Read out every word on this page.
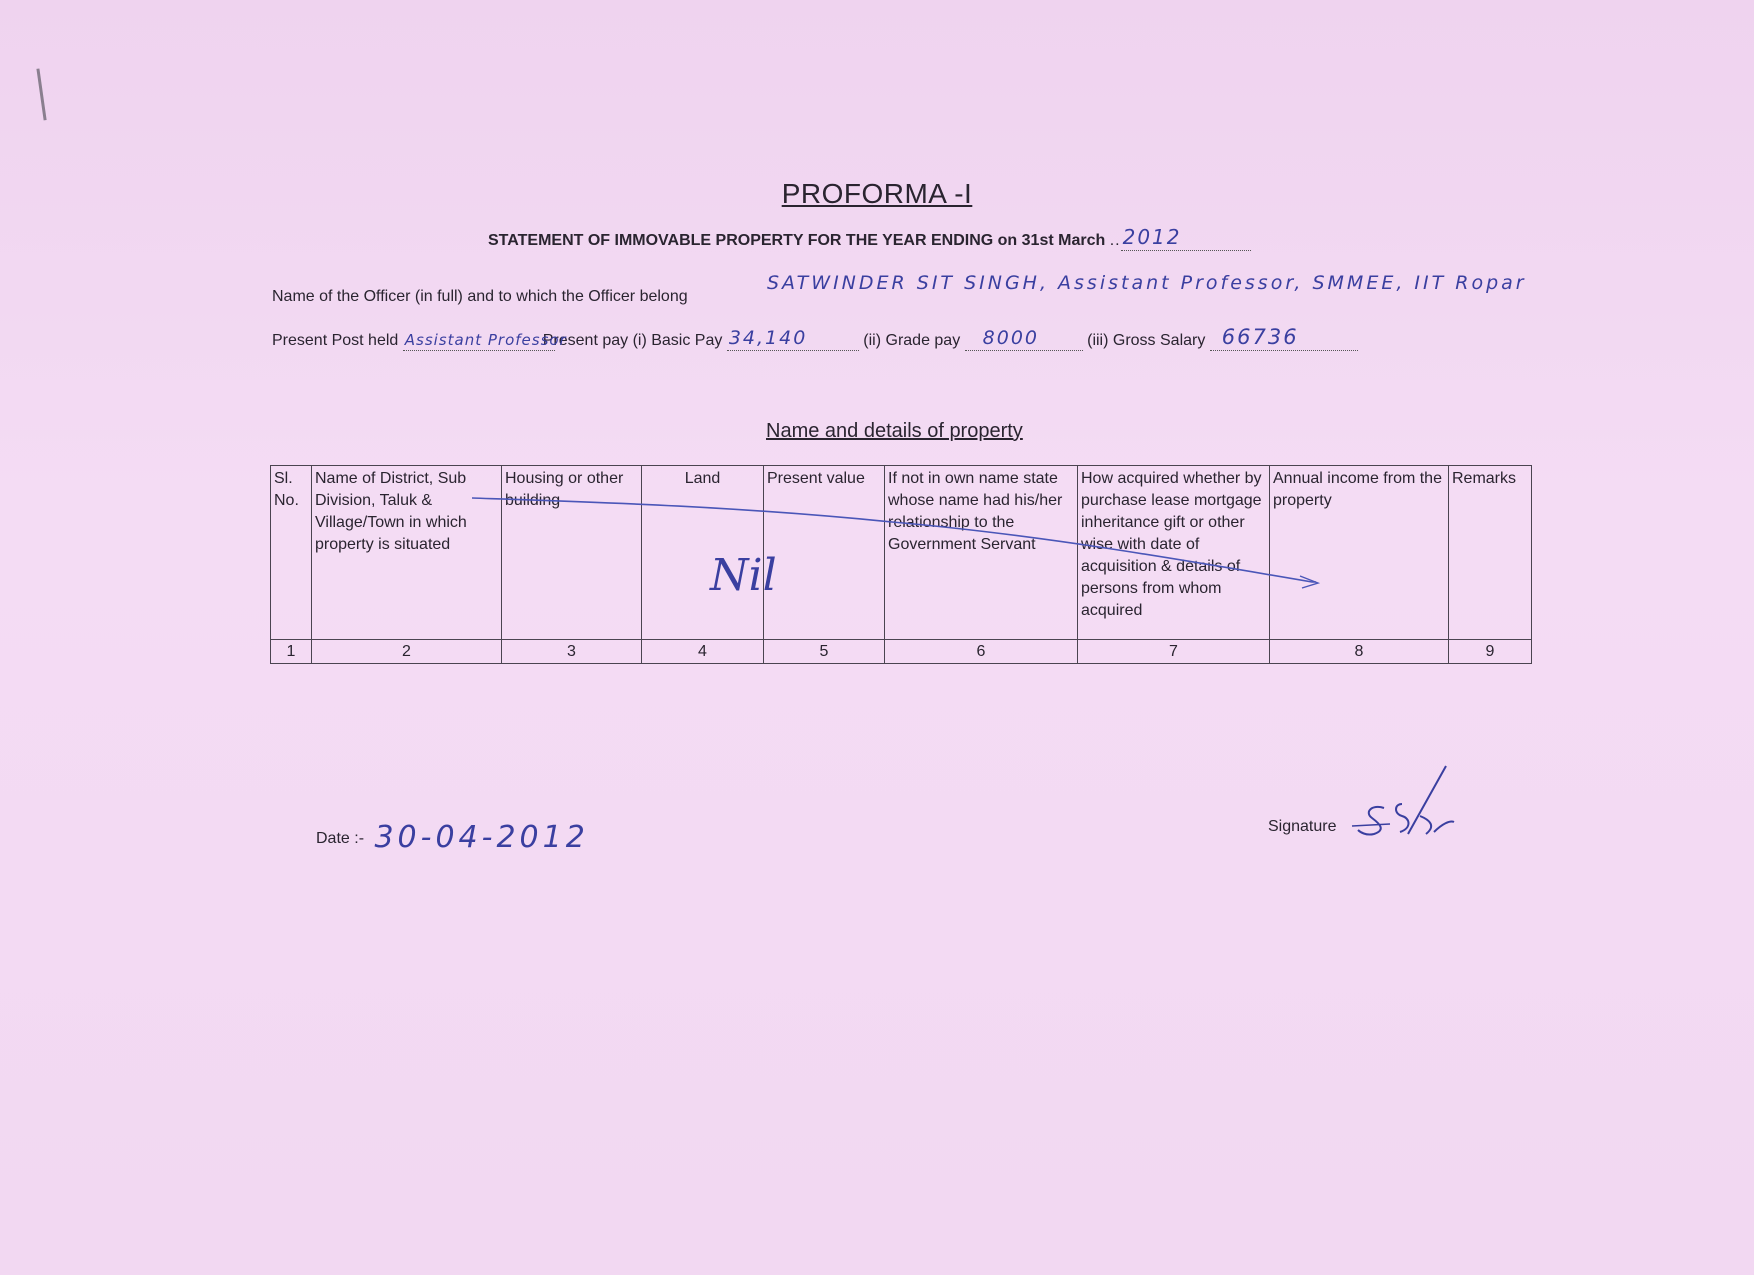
PROFORMA -I
STATEMENT OF IMMOVABLE PROPERTY FOR THE YEAR ENDING on 31st March .. 2012
Name of the Officer (in full) and to which the Officer belong
SATWINDER SIT SINGH, Assistant Professor, SMMEE, IIT Ropar
Present Post held Assistant Professor
Present pay (i) Basic Pay 34,140	(ii) Grade pay 8000	(iii) Gross Salary 66736
Name and details of property
Sl. No.	Name of District, Sub Division, Taluk & Village/Town in which property is situated	Housing or other building	Land	Present value	If not in own name state whose name had his/her relationship to the Government Servant	How acquired whether by purchase lease mortgage inheritance gift or other wise with date of acquisition & details of persons from whom acquired	Annual income from the property	Remarks
1	2	3	4	5	6	7	8	9
Nil
Date :- 30-04-2012	Signature
